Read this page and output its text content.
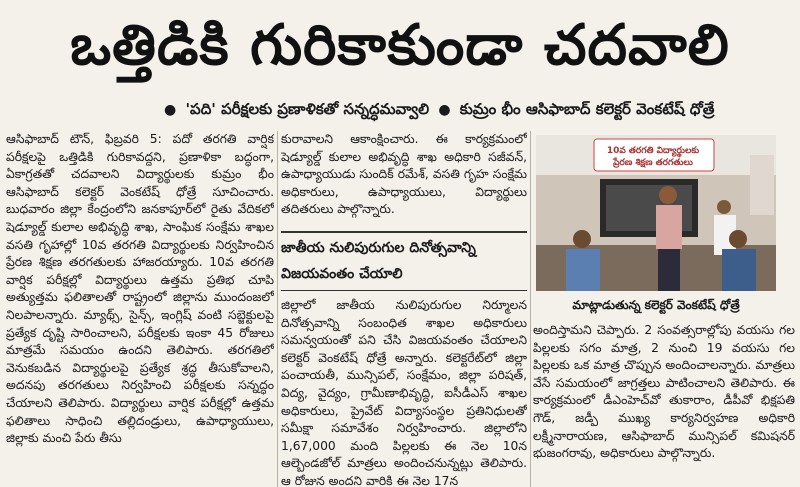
ఒత్తిడికి గురికాకుండా చదవాలి
● 'పది' పరీక్షలకు ప్రణాళికతో సన్నద్ధమవ్వాలి ● కుమ్రం భీం ఆసిఫాబాద్ కలెక్టర్ వెంకటేష్ ధోత్రే
ఆసిఫాబాద్ టౌన్, ఫిబ్రవరి 5: పదో తరగతి వార్షిక పరీక్షలపై ఒత్తిడికి గురికావద్దని, ప్రణాళికా బద్ధంగా, ఏకాగ్రతతో చదవాలని విద్యార్థులకు కుమ్రం భీం ఆసిఫాబాద్ కలెక్టర్ వెంకటేష్ ధోత్రే సూచించారు. బుధవారం జిల్లా కేంద్రంలోని జనకాపూర్‌లో రైతు వేదికలో షెడ్యూల్డ్ కులాల అభివృద్ధి శాఖ, సాంఘిక సంక్షేమ శాఖల వసతి గృహాల్లో 10వ తరగతి విద్యార్థులకు నిర్వహించిన ప్రేరణ శిక్షణ తరగతులకు హాజరయ్యారు. 10వ తరగతి వార్షిక పరీక్షల్లో విద్యార్థులు ఉత్తమ ప్రతిభ చూపి అత్యుత్తమ ఫలితాలతో రాష్ట్రంలో జిల్లాను ముందంజలో నిలపాలన్నారు. మ్యాథ్స్, సైన్స్, ఇంగ్లిష్ వంటి సబ్జెక్టులపై ప్రత్యేక దృష్టి సారించాలని, పరీక్షలకు ఇంకా 45 రోజులు మాత్రమే సమయం ఉందని తెలిపారు. తరగతిలో వెనుకబడిన విద్యార్థులపై ప్రత్యేక శ్రద్ధ తీసుకోవాలని, అదనపు తరగతులు నిర్వహించి పరీక్షలకు సన్నద్ధం చేయాలని తెలిపారు. విద్యార్థులు వార్షిక పరీక్షల్లో ఉత్తమ ఫలితాలు సాధించి తల్లిదండ్రులు, ఉపాధ్యాయులు, జిల్లాకు మంచి పేరు తీసు
కురావాలని ఆకాంక్షించారు. ఈ కార్యక్రమంలో షెడ్యూల్డ్ కులాల అభివృద్ధి శాఖ అధికారి సజీవన్, ఉపాధ్యాయుడు సుందిక్ రమేశ్, వసతి గృహ సంక్షేమ అధికారులు, ఉపాధ్యాయులు, విద్యార్థులు తదితరులు పాల్గొన్నారు.
జాతీయ నులిపురుగుల దినోత్సవాన్ని విజయవంతం చేయాలి
జిల్లాలో జాతీయ నులిపురుగుల నిర్మూలన దినోత్సవాన్ని సంబంధిత శాఖల అధికారులు సమన్వయంతో పని చేసి విజయవంతం చేయాలని కలెక్టర్ వెంకటేష్ ధోత్రే అన్నారు. కలెక్టరేట్‌లో జిల్లా పంచాయతీ, మున్సిపల్, సంక్షేమం, జిల్లా పరిషత్, విద్య, వైద్యం, గ్రామీణాభివృద్ధి, ఐసీడీఎస్ శాఖల అధికారులు, ప్రైవేట్ విద్యాసంస్థల ప్రతినిధులతో సమీక్షా సమావేశం నిర్వహించారు. జిల్లాలోని 1,67,000 మంది పిల్లలకు ఈ నెల 10న ఆల్బెండజోల్ మాత్రలు అందించనున్నట్లు తెలిపారు. ఆ రోజున అందని వారికి ఈ నెల 17న
10వ తరగతి విద్యార్థులకు ప్రేరణ శిక్షణ తరగతులు
మాట్లాడుతున్న కలెక్టర్ వెంకటేష్ ధోత్రే
అందిస్తామని చెప్పారు. 2 సంవత్సరాల్లోపు వయసు గల పిల్లలకు సగం మాత్ర, 2 నుంచి 19 వయసు గల పిల్లలకు ఒక మాత్ర చొప్పున అందించాలన్నారు. మాత్రలు వేసే సమయంలో జాగ్రత్తలు పాటించాలని తెలిపారు. ఈ కార్యక్రమంలో డీఎంహెచ్‌వో తుకారాం, డీపీవో భిక్షపతి గౌడ్, జడ్పీ ముఖ్య కార్యనిర్వహణ అధికారి లక్ష్మీనారాయణ, ఆసిఫాబాద్ మున్సిపల్ కమిషనర్ భుజంగరావు, అధికారులు పాల్గొన్నారు.
